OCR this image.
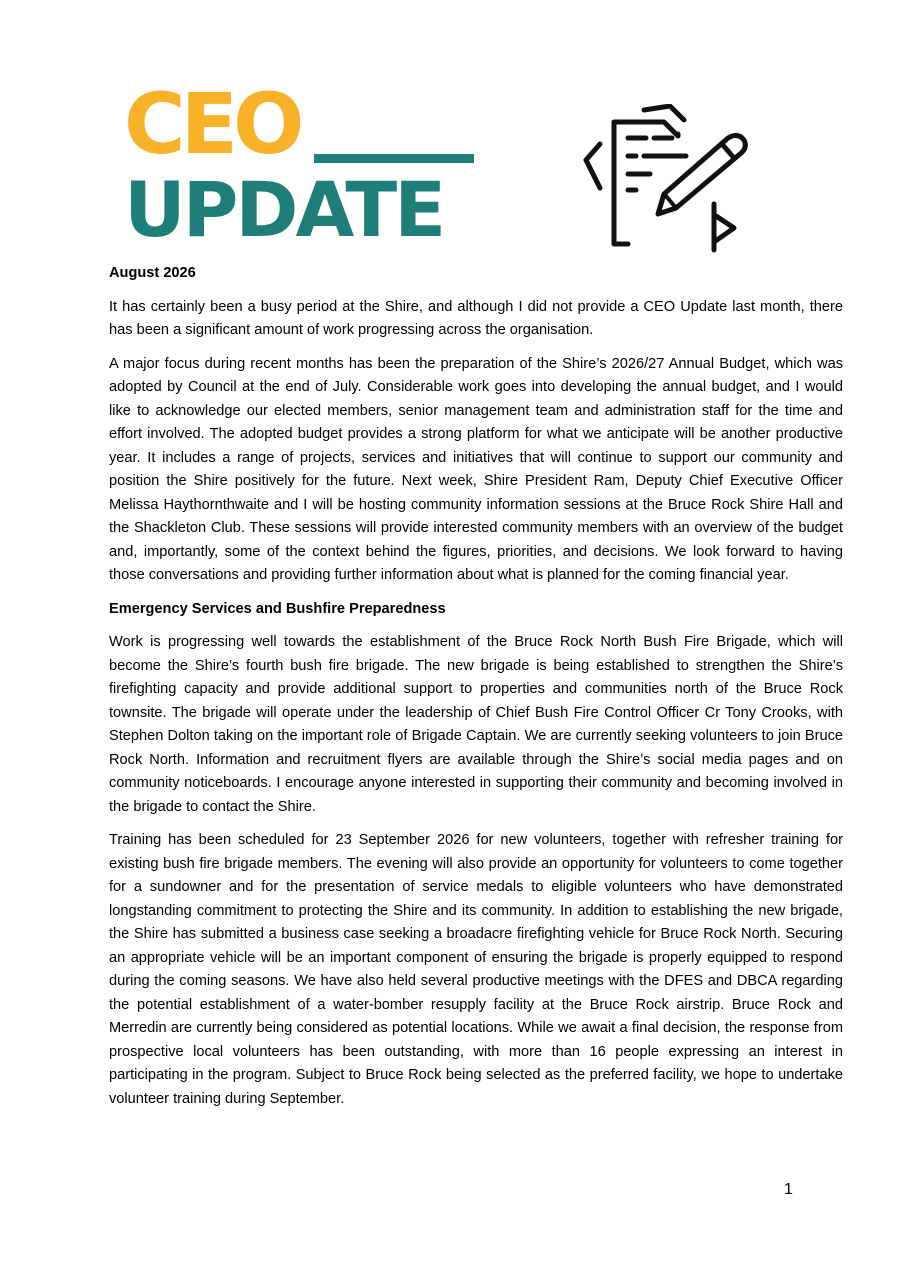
CEO
UPDATE
August 2026

It has certainly been a busy period at the Shire, and although I did not provide a CEO Update last month, there has been a significant amount of work progressing across the organisation.

A major focus during recent months has been the preparation of the Shire’s 2026/27 Annual Budget, which was adopted by Council at the end of July. Considerable work goes into developing the annual budget, and I would like to acknowledge our elected members, senior management team and administration staff for the time and effort involved. The adopted budget provides a strong platform for what we anticipate will be another productive year. It includes a range of projects, services and initiatives that will continue to support our community and position the Shire positively for the future. Next week, Shire President Ram, Deputy Chief Executive Officer Melissa Haythornthwaite and I will be hosting community information sessions at the Bruce Rock Shire Hall and the Shackleton Club. These sessions will provide interested community members with an overview of the budget and, importantly, some of the context behind the figures, priorities, and decisions. We look forward to having those conversations and providing further information about what is planned for the coming financial year.

Emergency Services and Bushfire Preparedness

Work is progressing well towards the establishment of the Bruce Rock North Bush Fire Brigade, which will become the Shire’s fourth bush fire brigade. The new brigade is being established to strengthen the Shire’s firefighting capacity and provide additional support to properties and communities north of the Bruce Rock townsite. The brigade will operate under the leadership of Chief Bush Fire Control Officer Cr Tony Crooks, with Stephen Dolton taking on the important role of Brigade Captain. We are currently seeking volunteers to join Bruce Rock North. Information and recruitment flyers are available through the Shire’s social media pages and on community noticeboards. I encourage anyone interested in supporting their community and becoming involved in the brigade to contact the Shire.

Training has been scheduled for 23 September 2026 for new volunteers, together with refresher training for existing bush fire brigade members. The evening will also provide an opportunity for volunteers to come together for a sundowner and for the presentation of service medals to eligible volunteers who have demonstrated longstanding commitment to protecting the Shire and its community. In addition to establishing the new brigade, the Shire has submitted a business case seeking a broadacre firefighting vehicle for Bruce Rock North. Securing an appropriate vehicle will be an important component of ensuring the brigade is properly equipped to respond during the coming seasons. We have also held several productive meetings with the DFES and DBCA regarding the potential establishment of a water-bomber resupply facility at the Bruce Rock airstrip. Bruce Rock and Merredin are currently being considered as potential locations. While we await a final decision, the response from prospective local volunteers has been outstanding, with more than 16 people expressing an interest in participating in the program. Subject to Bruce Rock being selected as the preferred facility, we hope to undertake volunteer training during September.

1
